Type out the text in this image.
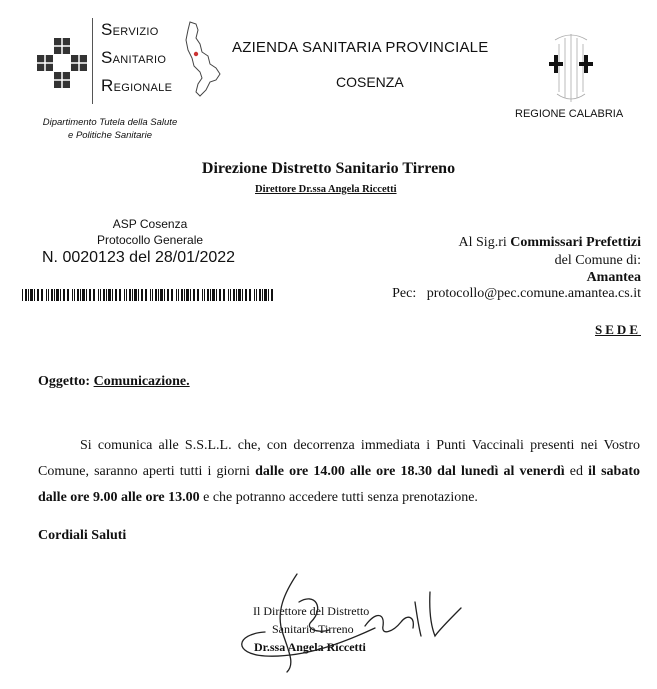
SERVIZIO
SANITARIO
REGIONALE
Dipartimento Tutela della Salute
e Politiche Sanitarie
AZIENDA SANITARIA PROVINCIALE
COSENZA
REGIONE CALABRIA
Direzione Distretto Sanitario Tirreno
Direttore Dr.ssa Angela Riccetti
ASP Cosenza
Protocollo Generale
N. 0020123 del 28/01/2022
Al Sig.ri Commissari Prefettizi
del Comune di:
Amantea
Pec: protocollo@pec.comune.amantea.cs.it
SEDE
Oggetto: Comunicazione.
Si comunica alle S.S.L.L. che, con decorrenza immediata i Punti Vaccinali presenti nei Vostro Comune, saranno aperti tutti i giorni dalle ore 14.00 alle ore 18.30 dal lunedì al venerdì ed il sabato dalle ore 9.00 alle ore 13.00 e che potranno accedere tutti senza prenotazione.
Cordiali Saluti
Il Direttore del Distretto
Sanitario Tirreno
Dr.ssa Angela Riccetti
